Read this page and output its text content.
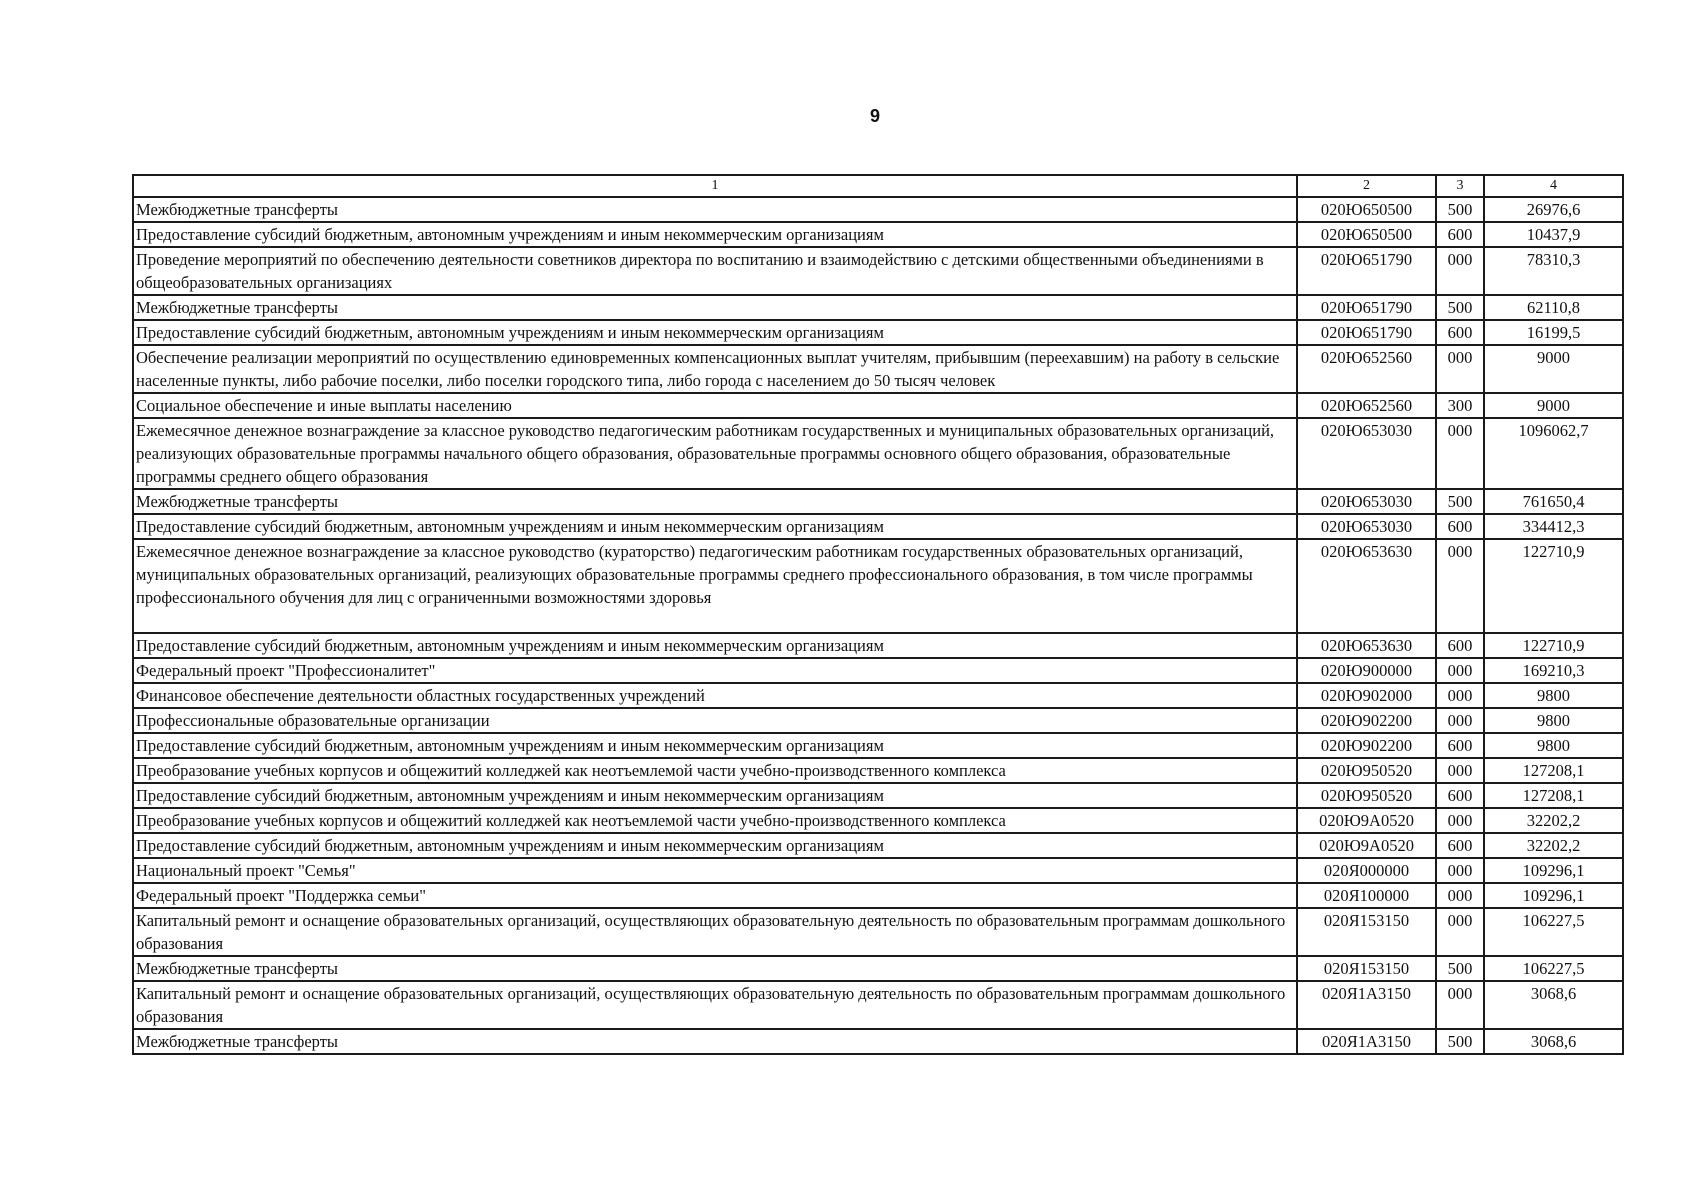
9
1	2	3	4
Межбюджетные трансферты	020Ю650500	500	26976,6
Предоставление субсидий бюджетным, автономным учреждениям и иным некоммерческим организациям	020Ю650500	600	10437,9
Проведение мероприятий по обеспечению деятельности советников директора по воспитанию и взаимодействию с детскими общественными объединениями в общеобразовательных организациях	020Ю651790	000	78310,3
Межбюджетные трансферты	020Ю651790	500	62110,8
Предоставление субсидий бюджетным, автономным учреждениям и иным некоммерческим организациям	020Ю651790	600	16199,5
Обеспечение реализации мероприятий по осуществлению единовременных компенсационных выплат учителям, прибывшим (переехавшим) на работу в сельские населенные пункты, либо рабочие поселки, либо поселки городского типа, либо города с населением до 50 тысяч человек	020Ю652560	000	9000
Социальное обеспечение и иные выплаты населению	020Ю652560	300	9000
Ежемесячное денежное вознаграждение за классное руководство педагогическим работникам государственных и муниципальных образовательных организаций, реализующих образовательные программы начального общего образования, образовательные программы основного общего образования, образовательные программы среднего общего образования	020Ю653030	000	1096062,7
Межбюджетные трансферты	020Ю653030	500	761650,4
Предоставление субсидий бюджетным, автономным учреждениям и иным некоммерческим организациям	020Ю653030	600	334412,3
Ежемесячное денежное вознаграждение за классное руководство (кураторство) педагогическим работникам государственных образовательных организаций, муниципальных образовательных организаций, реализующих образовательные программы среднего профессионального образования, в том числе программы профессионального обучения для лиц с ограниченными возможностями здоровья	020Ю653630	000	122710,9
Предоставление субсидий бюджетным, автономным учреждениям и иным некоммерческим организациям	020Ю653630	600	122710,9
Федеральный проект "Профессионалитет"	020Ю900000	000	169210,3
Финансовое обеспечение деятельности областных государственных учреждений	020Ю902000	000	9800
Профессиональные образовательные организации	020Ю902200	000	9800
Предоставление субсидий бюджетным, автономным учреждениям и иным некоммерческим организациям	020Ю902200	600	9800
Преобразование учебных корпусов и общежитий колледжей как неотъемлемой части учебно-производственного комплекса	020Ю950520	000	127208,1
Предоставление субсидий бюджетным, автономным учреждениям и иным некоммерческим организациям	020Ю950520	600	127208,1
Преобразование учебных корпусов и общежитий колледжей как неотъемлемой части учебно-производственного комплекса	020Ю9А0520	000	32202,2
Предоставление субсидий бюджетным, автономным учреждениям и иным некоммерческим организациям	020Ю9А0520	600	32202,2
Национальный проект "Семья"	020Я000000	000	109296,1
Федеральный проект "Поддержка семьи"	020Я100000	000	109296,1
Капитальный ремонт и оснащение образовательных организаций, осуществляющих образовательную деятельность по образовательным программам дошкольного образования	020Я153150	000	106227,5
Межбюджетные трансферты	020Я153150	500	106227,5
Капитальный ремонт и оснащение образовательных организаций, осуществляющих образовательную деятельность по образовательным программам дошкольного образования	020Я1А3150	000	3068,6
Межбюджетные трансферты	020Я1А3150	500	3068,6
